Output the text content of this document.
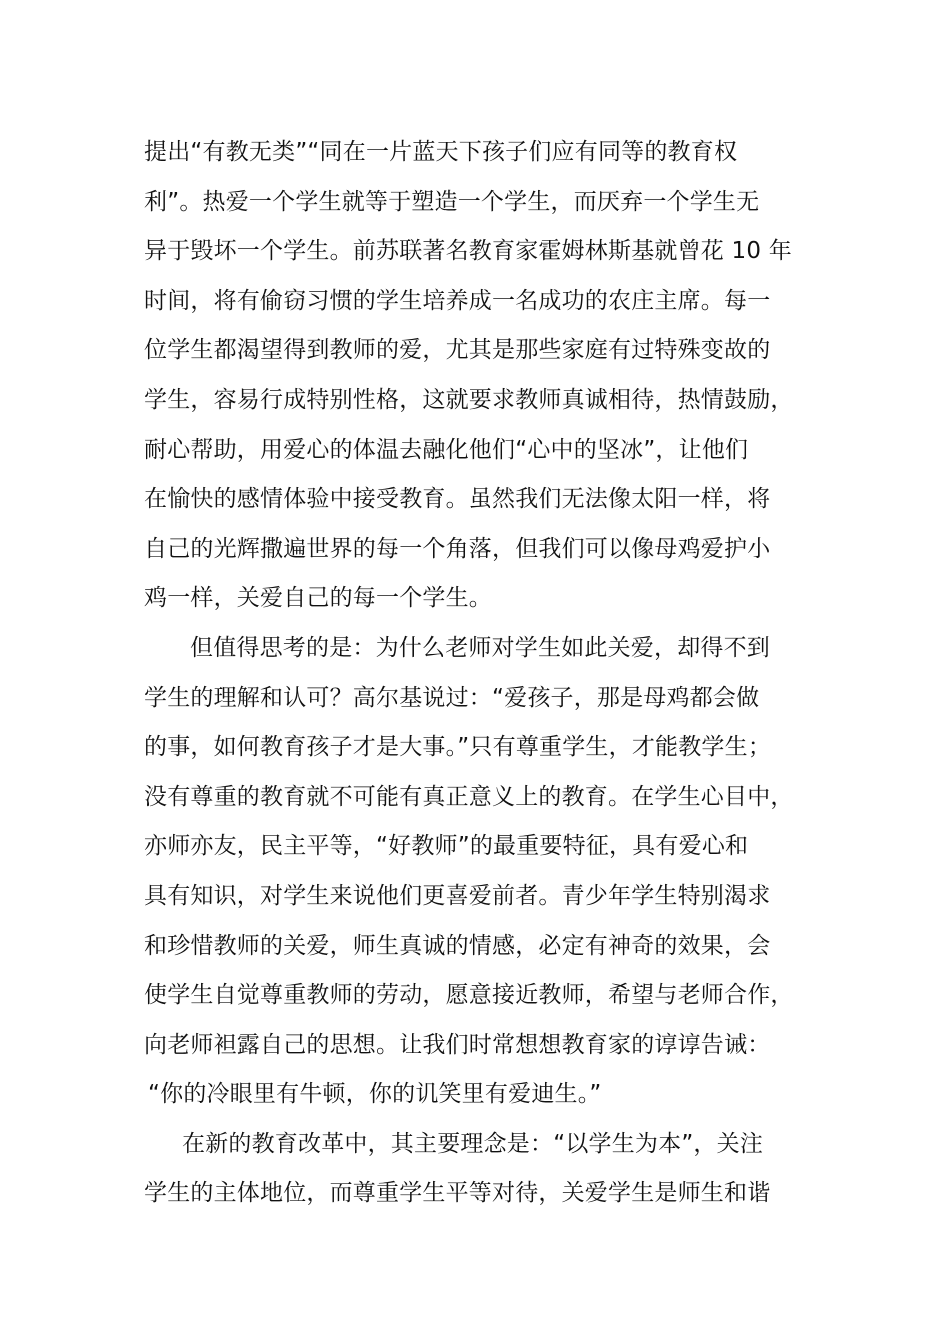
提出“有教无类”“同在一片蓝天下孩子们应有同等的教育权
利”。热爱一个学生就等于塑造一个学生，而厌弃一个学生无
异于毁坏一个学生。前苏联著名教育家霍姆林斯基就曾花 10 年
时间，将有偷窃习惯的学生培养成一名成功的农庄主席。每一
位学生都渴望得到教师的爱，尤其是那些家庭有过特殊变故的
学生，容易行成特别性格，这就要求教师真诚相待，热情鼓励，
耐心帮助，用爱心的体温去融化他们“心中的坚冰”，让他们
在愉快的感情体验中接受教育。虽然我们无法像太阳一样，将
自己的光辉撒遍世界的每一个角落，但我们可以像母鸡爱护小
鸡一样，关爱自己的每一个学生。
但值得思考的是：为什么老师对学生如此关爱，却得不到
学生的理解和认可？高尔基说过：“爱孩子，那是母鸡都会做
的事，如何教育孩子才是大事。”只有尊重学生，才能教学生；
没有尊重的教育就不可能有真正意义上的教育。在学生心目中，
亦师亦友，民主平等，“好教师”的最重要特征，具有爱心和
具有知识，对学生来说他们更喜爱前者。青少年学生特别渴求
和珍惜教师的关爱，师生真诚的情感，必定有神奇的效果，会
使学生自觉尊重教师的劳动，愿意接近教师，希望与老师合作，
向老师袒露自己的思想。让我们时常想想教育家的谆谆告诫：
“你的冷眼里有牛顿，你的讥笑里有爱迪生。”
在新的教育改革中，其主要理念是：“以学生为本”，关注
学生的主体地位，而尊重学生平等对待，关爱学生是师生和谐
